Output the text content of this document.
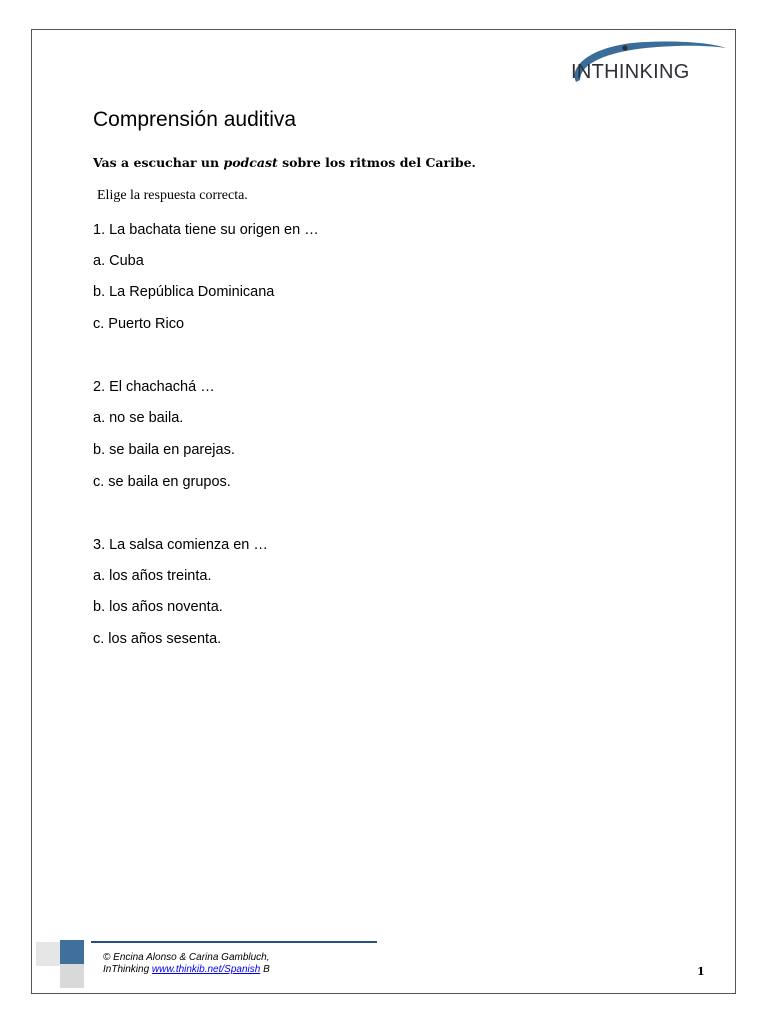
INTHINKING
Comprensión auditiva

Vas a escuchar un podcast sobre los ritmos del Caribe.

Elige la respuesta correcta.

1. La bachata tiene su origen en …

a. Cuba

b. La República Dominicana

c. Puerto Rico

2. El chachachá …

a. no se baila.

b. se baila en parejas.

c. se baila en grupos.

3. La salsa comienza en …

a. los años treinta.

b. los años noventa.

c. los años sesenta.

© Encina Alonso & Carina Gambluch,
InThinking www.thinkib.net/Spanish B	1
